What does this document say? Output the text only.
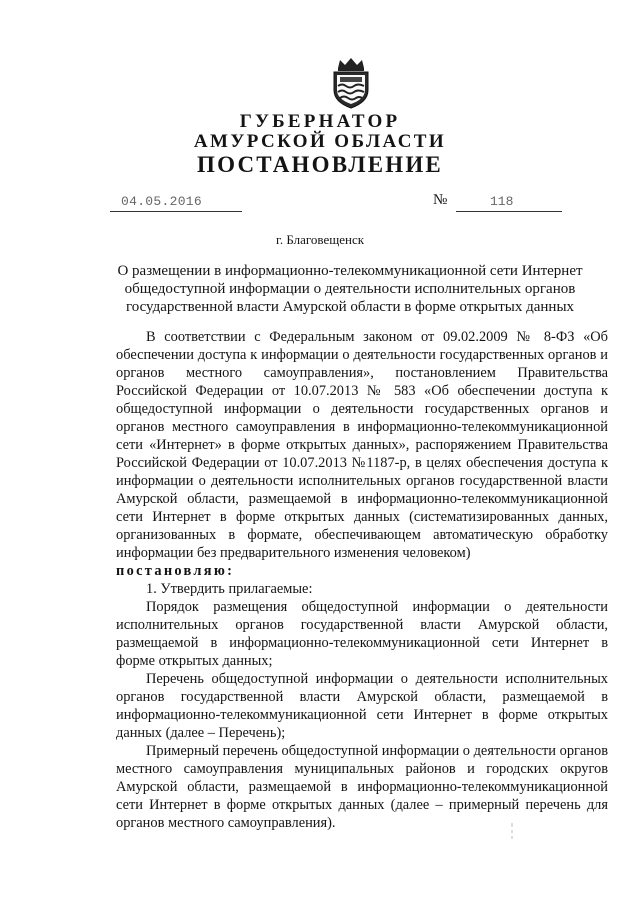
ГУБЕРНАТОР
АМУРСКОЙ ОБЛАСТИ
ПОСТАНОВЛЕНИЕ
04.05.2016	№	118
г. Благовещенск
О размещении в информационно-телекоммуникационной сети Интернет
общедоступной информации о деятельности исполнительных органов
государственной власти Амурской области в форме открытых данных

В соответствии с Федеральным законом от 09.02.2009 № 8-ФЗ «Об обеспечении доступа к информации о деятельности государственных органов и органов местного самоуправления», постановлением Правительства Российской Федерации от 10.07.2013 № 583 «Об обеспечении доступа к общедоступной информации о деятельности государственных органов и органов местного самоуправления в информационно-телекоммуникационной сети «Интернет» в форме открытых данных», распоряжением Правительства Российской Федерации от 10.07.2013 №1187-р, в целях обеспечения доступа к информации о деятельности исполнительных органов государственной власти Амурской области, размещаемой в информационно-телекоммуникационной сети Интернет в форме открытых данных (систематизированных данных, организованных в формате, обеспечивающем автоматическую обработку информации без предварительного изменения человеком)

постановляю:

1. Утвердить прилагаемые:

Порядок размещения общедоступной информации о деятельности исполнительных органов государственной власти Амурской области, размещаемой в информационно-телекоммуникационной сети Интернет в форме открытых данных;

Перечень общедоступной информации о деятельности исполнительных органов государственной власти Амурской области, размещаемой в информационно-телекоммуникационной сети Интернет в форме открытых данных (далее – Перечень);

Примерный перечень общедоступной информации о деятельности органов местного самоуправления муниципальных районов и городских округов Амурской области, размещаемой в информационно-телекоммуникационной сети Интернет в форме открытых данных (далее – примерный перечень для органов местного самоуправления).
